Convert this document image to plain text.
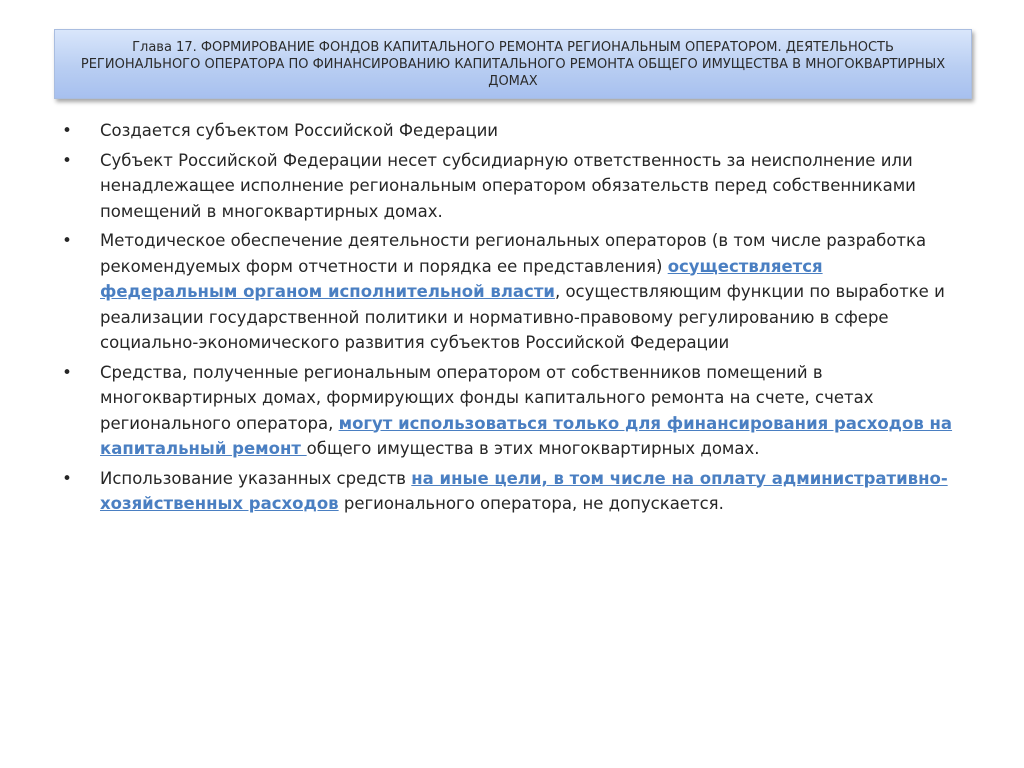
Глава 17. ФОРМИРОВАНИЕ ФОНДОВ КАПИТАЛЬНОГО РЕМОНТА РЕГИОНАЛЬНЫМ ОПЕРАТОРОМ. ДЕЯТЕЛЬНОСТЬ РЕГИОНАЛЬНОГО ОПЕРАТОРА ПО ФИНАНСИРОВАНИЮ КАПИТАЛЬНОГО РЕМОНТА ОБЩЕГО ИМУЩЕСТВА В МНОГОКВАРТИРНЫХ ДОМАХ

• Создается субъектом Российской Федерации
• Субъект Российской Федерации несет субсидиарную ответственность за неисполнение или ненадлежащее исполнение региональным оператором обязательств перед собственниками помещений в многоквартирных домах.
• Методическое обеспечение деятельности региональных операторов (в том числе разработка рекомендуемых форм отчетности и порядка ее представления) осуществляется федеральным органом исполнительной власти, осуществляющим функции по выработке и реализации государственной политики и нормативно-правовому регулированию в сфере социально-экономического развития субъектов Российской Федерации
• Средства, полученные региональным оператором от собственников помещений в многоквартирных домах, формирующих фонды капитального ремонта на счете, счетах регионального оператора, могут использоваться только для финансирования расходов на капитальный ремонт общего имущества в этих многоквартирных домах.
• Использование указанных средств на иные цели, в том числе на оплату административно-хозяйственных расходов регионального оператора, не допускается.
